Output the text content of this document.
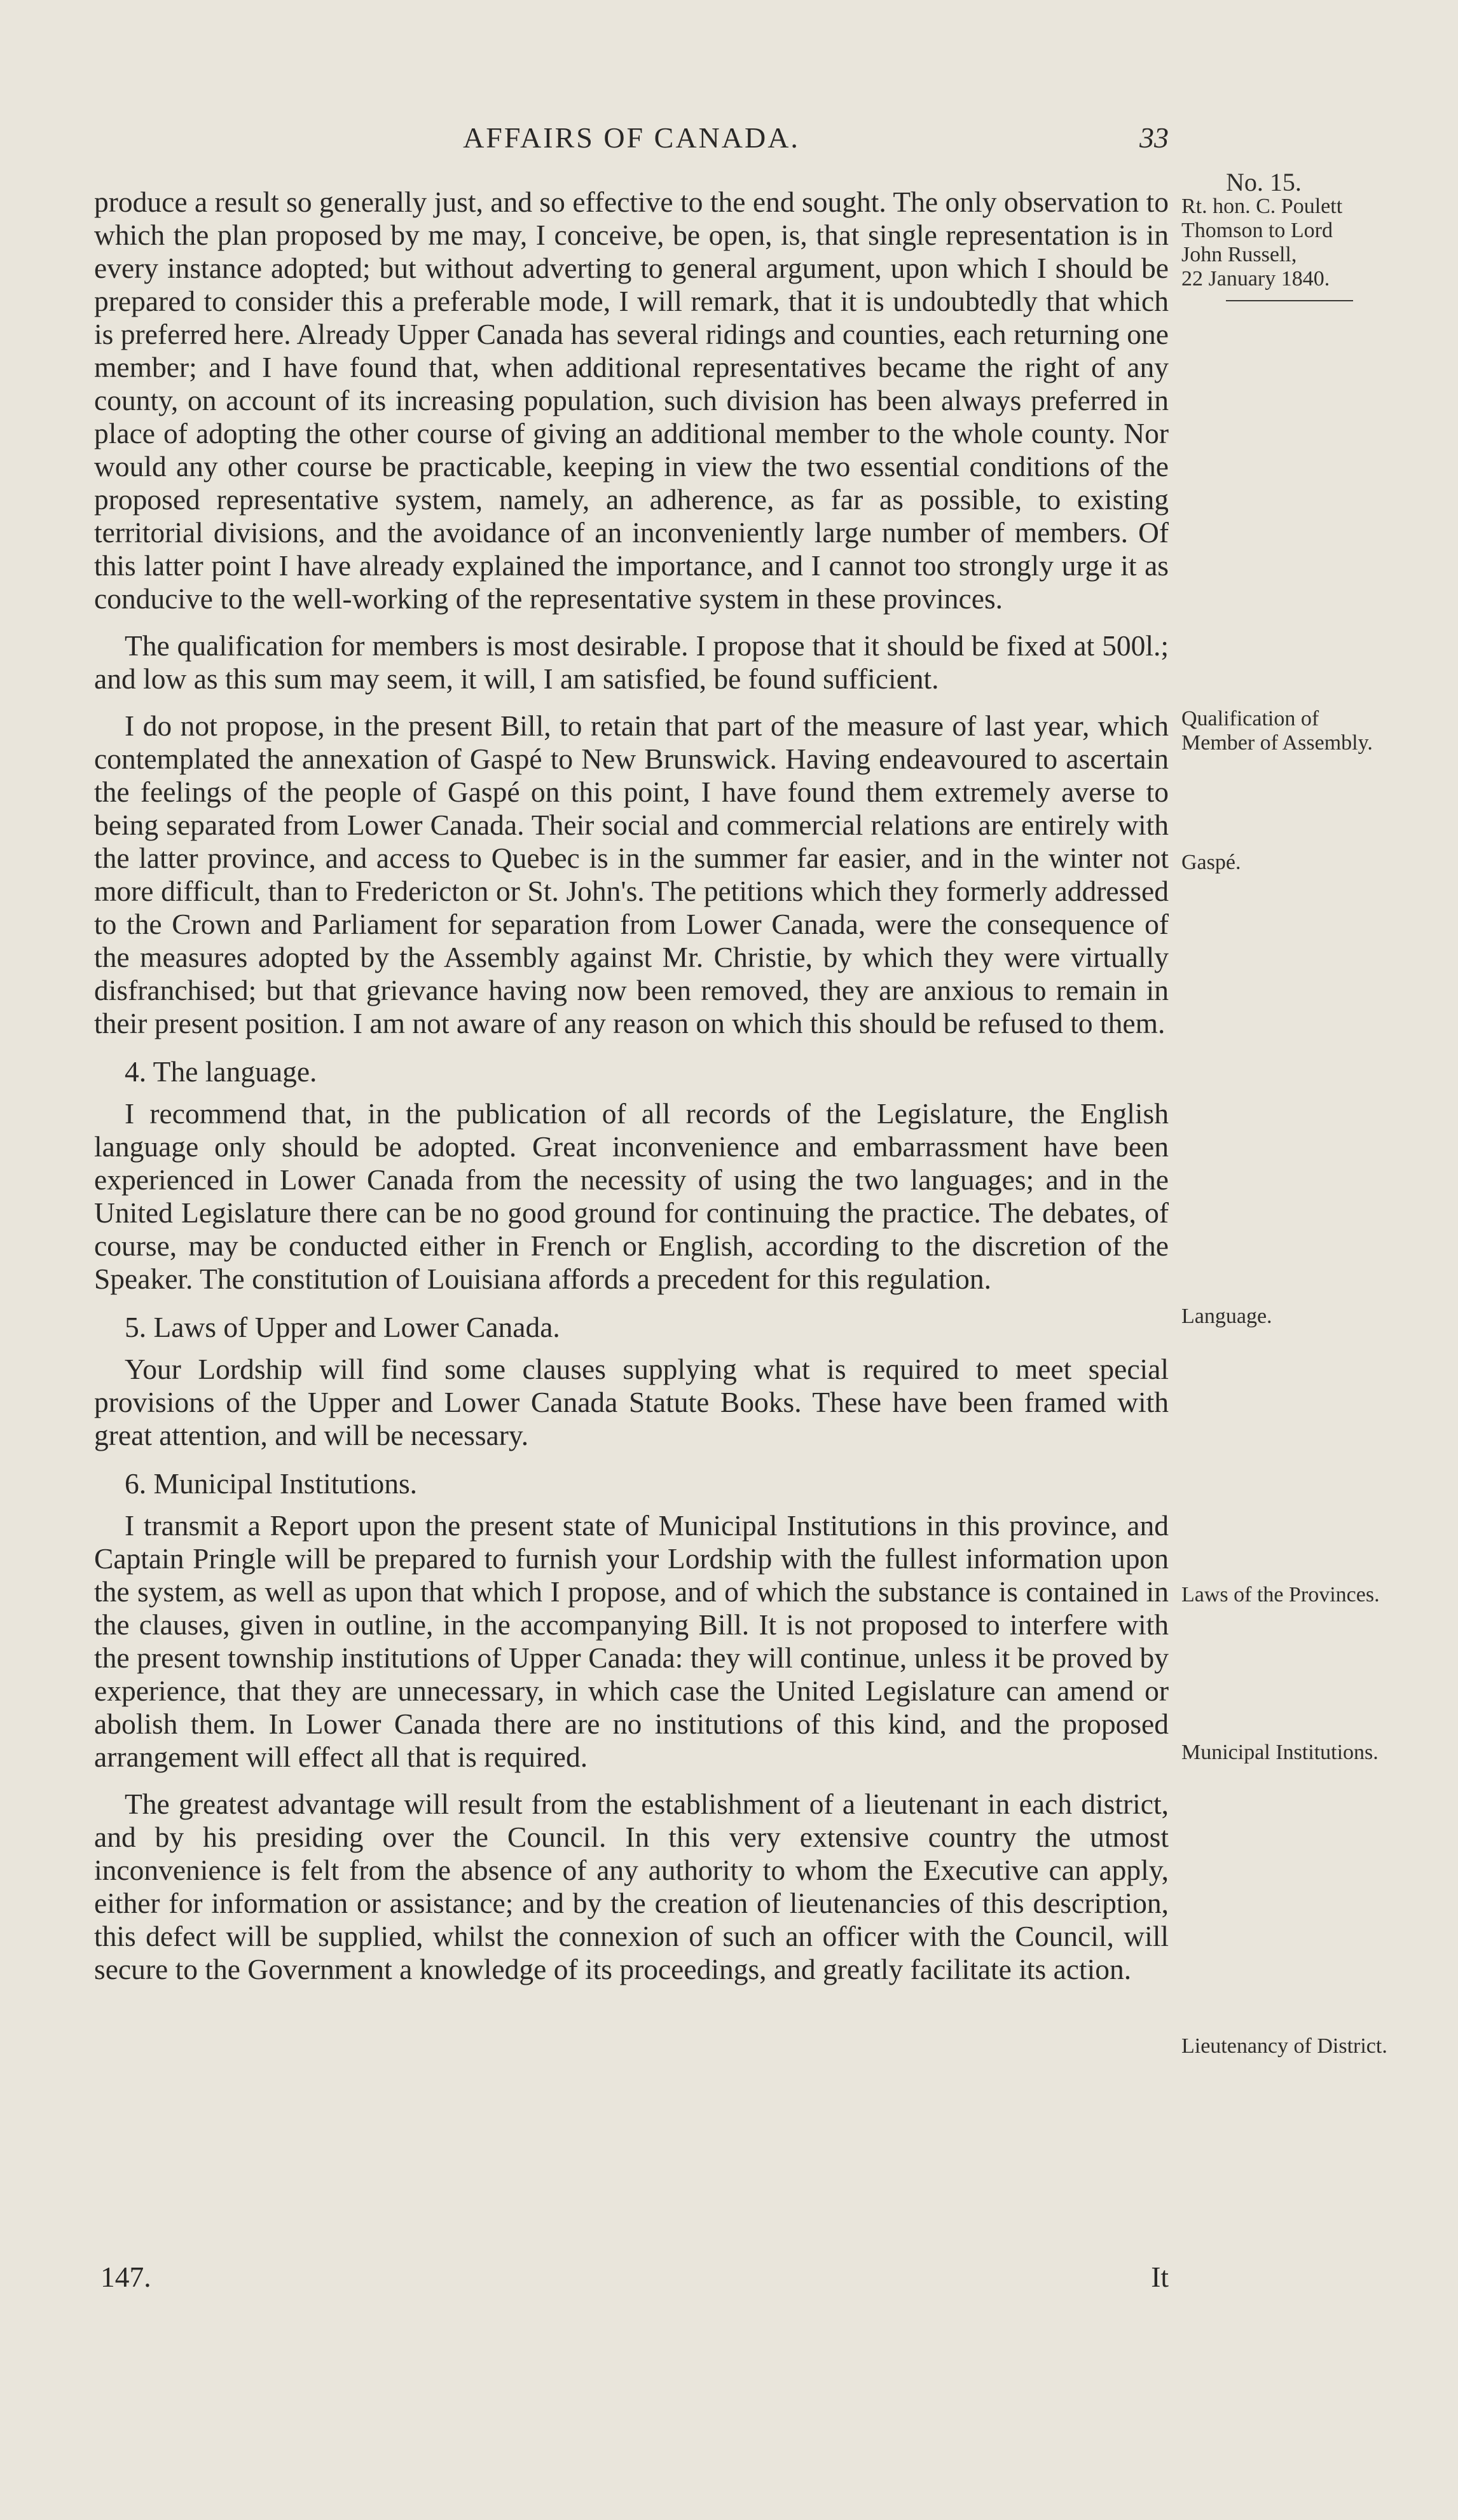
AFFAIRS OF CANADA.	33
No. 15.
Rt. hon. C. Poulett
Thomson to Lord
John Russell,
22 January 1840.
Qualification of Member of Assembly.
Gaspé.
Language.
Laws of the Provinces.
Municipal Institutions.
Lieutenancy of District.

produce a result so generally just, and so effective to the end sought. The only observation to which the plan proposed by me may, I conceive, be open, is, that single representation is in every instance adopted; but without adverting to general argument, upon which I should be prepared to consider this a preferable mode, I will remark, that it is undoubtedly that which is preferred here. Already Upper Canada has several ridings and counties, each returning one member; and I have found that, when additional representatives became the right of any county, on account of its increasing population, such division has been always preferred in place of adopting the other course of giving an additional member to the whole county. Nor would any other course be practicable, keeping in view the two essential conditions of the proposed representative system, namely, an adherence, as far as possible, to existing territorial divisions, and the avoidance of an inconveniently large number of members. Of this latter point I have already explained the importance, and I cannot too strongly urge it as conducive to the well-working of the representative system in these provinces.

The qualification for members is most desirable. I propose that it should be fixed at 500l.; and low as this sum may seem, it will, I am satisfied, be found sufficient.

I do not propose, in the present Bill, to retain that part of the measure of last year, which contemplated the annexation of Gaspé to New Brunswick. Having endeavoured to ascertain the feelings of the people of Gaspé on this point, I have found them extremely averse to being separated from Lower Canada. Their social and commercial relations are entirely with the latter province, and access to Quebec is in the summer far easier, and in the winter not more difficult, than to Fredericton or St. John's. The petitions which they formerly addressed to the Crown and Parliament for separation from Lower Canada, were the consequence of the measures adopted by the Assembly against Mr. Christie, by which they were virtually disfranchised; but that grievance having now been removed, they are anxious to remain in their present position. I am not aware of any reason on which this should be refused to them.

4. The language.

I recommend that, in the publication of all records of the Legislature, the English language only should be adopted. Great inconvenience and embarrassment have been experienced in Lower Canada from the necessity of using the two languages; and in the United Legislature there can be no good ground for continuing the practice. The debates, of course, may be conducted either in French or English, according to the discretion of the Speaker. The constitution of Louisiana affords a precedent for this regulation.

5. Laws of Upper and Lower Canada.

Your Lordship will find some clauses supplying what is required to meet special provisions of the Upper and Lower Canada Statute Books. These have been framed with great attention, and will be necessary.

6. Municipal Institutions.

I transmit a Report upon the present state of Municipal Institutions in this province, and Captain Pringle will be prepared to furnish your Lordship with the fullest information upon the system, as well as upon that which I propose, and of which the substance is contained in the clauses, given in outline, in the accompanying Bill. It is not proposed to interfere with the present township institutions of Upper Canada: they will continue, unless it be proved by experience, that they are unnecessary, in which case the United Legislature can amend or abolish them. In Lower Canada there are no institutions of this kind, and the proposed arrangement will effect all that is required.

The greatest advantage will result from the establishment of a lieutenant in each district, and by his presiding over the Council. In this very extensive country the utmost inconvenience is felt from the absence of any authority to whom the Executive can apply, either for information or assistance; and by the creation of lieutenancies of this description, this defect will be supplied, whilst the connexion of such an officer with the Council, will secure to the Government a knowledge of its proceedings, and greatly facilitate its action.

147.	It
